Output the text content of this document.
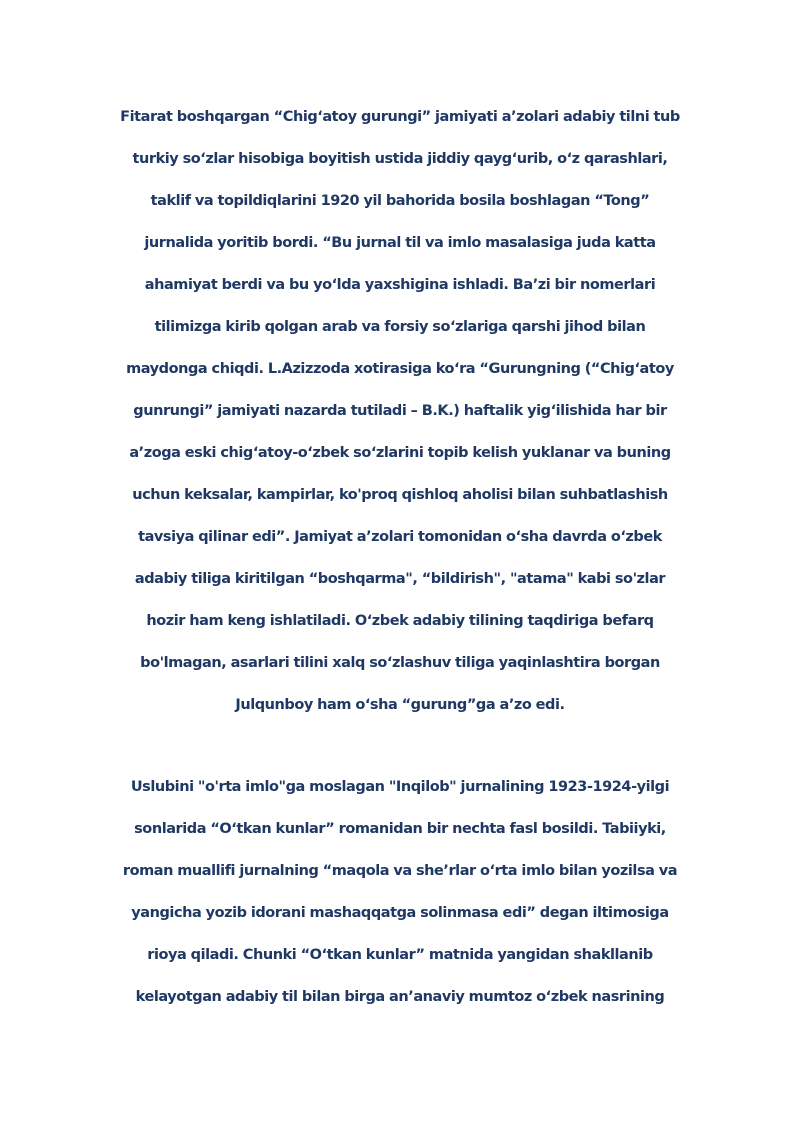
Fitarat boshqargan “Chig‘atoy gurungi” jamiyati a’zolari adabiy tilni tub
turkiy so‘zlar hisobiga boyitish ustida jiddiy qayg‘urib, o‘z qarashlari,
taklif va topildiqlarini 1920 yil bahorida bosila boshlagan “Tong”
jurnalida yoritib bordi. “Bu jurnal til va imlo masalasiga juda katta
ahamiyat berdi va bu yo‘lda yaxshigina ishladi. Ba’zi bir nomerlari
tilimizga kirib qolgan arab va forsiy so‘zlariga qarshi jihod bilan
maydonga chiqdi. L.Azizzoda xotirasiga ko‘ra “Gurungning (“Chig‘atoy
gunrungi” jamiyati nazarda tutiladi – B.K.) haftalik yig‘ilishida har bir
a’zoga eski chig‘atoy-o‘zbek so‘zlarini topib kelish yuklanar va buning
uchun keksalar, kampirlar, ko'proq qishloq aholisi bilan suhbatlashish
tavsiya qilinar edi”. Jamiyat a’zolari tomonidan o‘sha davrda o‘zbek
adabiy tiliga kiritilgan “boshqarma", “bildirish", "atama" kabi so'zlar
hozir ham keng ishlatiladi. O‘zbek adabiy tilining taqdiriga befarq
bo'lmagan, asarlari tilini xalq so‘zlashuv tiliga yaqinlashtira borgan
Julqunboy ham o‘sha “gurung”ga a’zo edi.
Uslubini "o'rta imlo"ga moslagan "Inqilob" jurnalining 1923-1924-yilgi
sonlarida “O‘tkan kunlar” romanidan bir nechta fasl bosildi. Tabiiyki,
roman muallifi jurnalning “maqola va she’rlar o‘rta imlo bilan yozilsa va
yangicha yozib idorani mashaqqatga solinmasa edi” degan iltimosiga
rioya qiladi. Chunki “O‘tkan kunlar” matnida yangidan shakllanib
kelayotgan adabiy til bilan birga an’anaviy mumtoz o‘zbek nasrining
